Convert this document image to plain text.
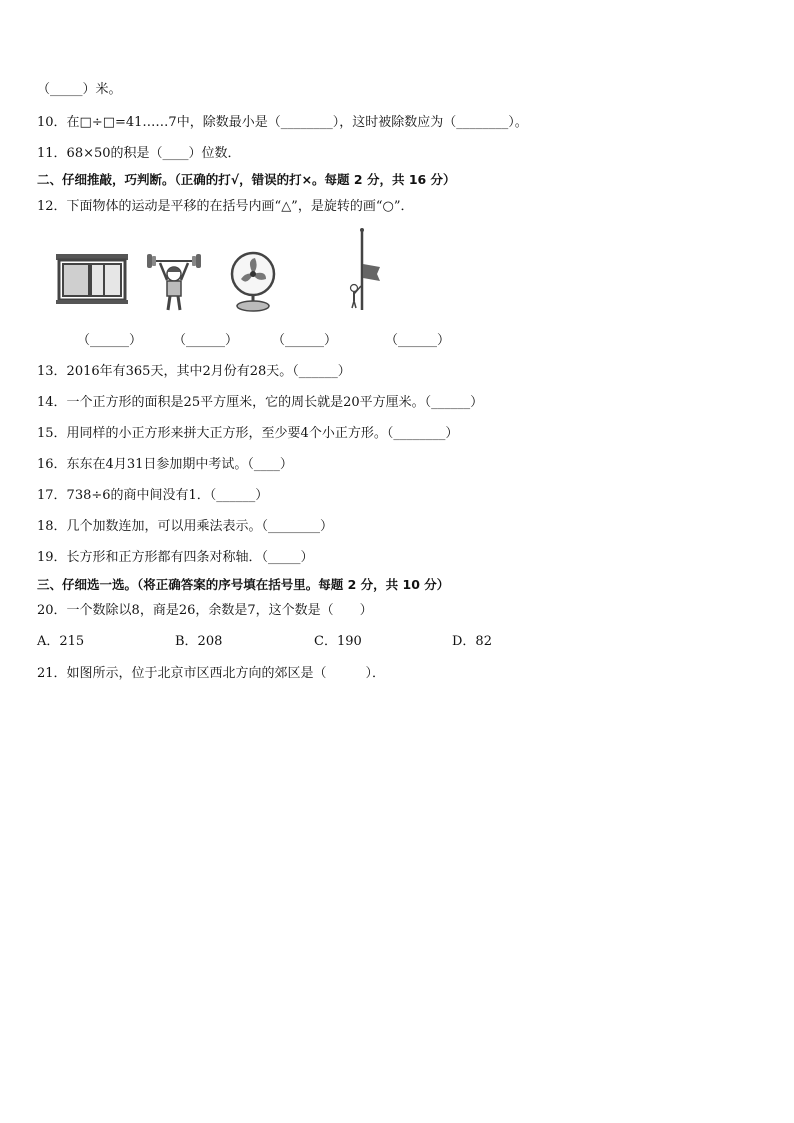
（_____）米。
10．在□÷□=41……7中，除数最小是（________），这时被除数应为（________）。
11．68×50的积是（____）位数．
二、仔细推敲，巧判断。（正确的打√，错误的打×。每题 2 分，共 16 分）
12．下面物体的运动是平移的在括号内画“△”，是旋转的画“○”．
（______） （______）	（______）	（______）
13．2016年有365天，其中2月份有28天。（______）
14．一个正方形的面积是25平方厘米，它的周长就是20平方厘米。（______）
15．用同样的小正方形来拼大正方形，至少要4个小正方形。（________）
16．东东在4月31日参加期中考试。（____）
17．738÷6的商中间没有1．（______）
18．几个加数连加，可以用乘法表示。（________）
19．长方形和正方形都有四条对称轴．（_____）
三、仔细选一选。（将正确答案的序号填在括号里。每题 2 分，共 10 分）
20．一个数除以8，商是26，余数是7，这个数是（　　）
A．215	B．208	C．190	D．82
21．如图所示，位于北京市区西北方向的郊区是（　　　）．
